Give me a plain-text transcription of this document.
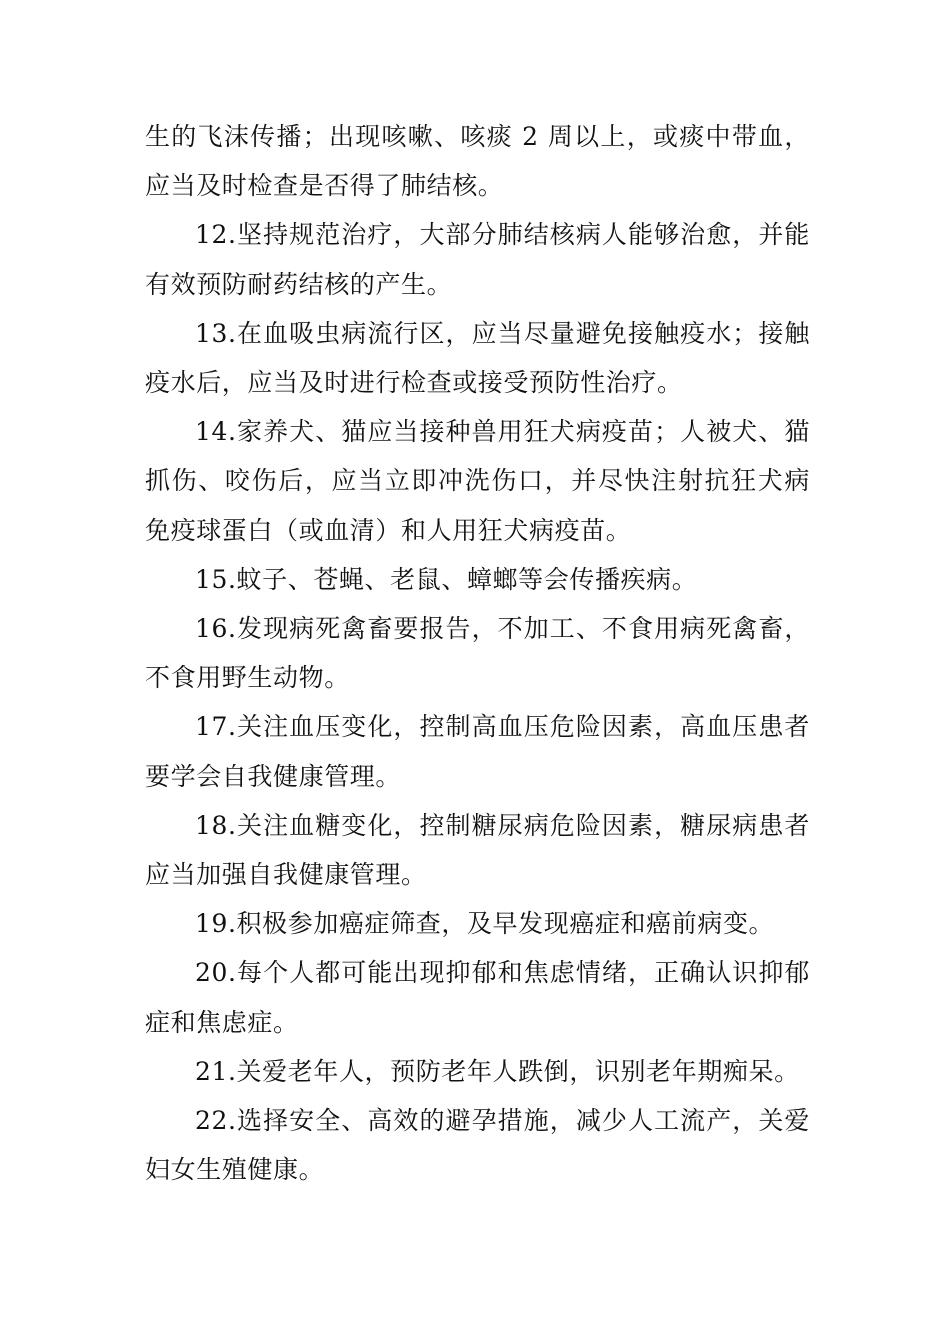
生的飞沫传播；出现咳嗽、咳痰 2 周以上，或痰中带血，应当及时检查是否得了肺结核。

12.坚持规范治疗，大部分肺结核病人能够治愈，并能有效预防耐药结核的产生。

13.在血吸虫病流行区，应当尽量避免接触疫水；接触疫水后，应当及时进行检查或接受预防性治疗。

14.家养犬、猫应当接种兽用狂犬病疫苗；人被犬、猫抓伤、咬伤后，应当立即冲洗伤口，并尽快注射抗狂犬病免疫球蛋白（或血清）和人用狂犬病疫苗。

15.蚊子、苍蝇、老鼠、蟑螂等会传播疾病。

16.发现病死禽畜要报告，不加工、不食用病死禽畜，不食用野生动物。

17.关注血压变化，控制高血压危险因素，高血压患者要学会自我健康管理。

18.关注血糖变化，控制糖尿病危险因素，糖尿病患者应当加强自我健康管理。

19.积极参加癌症筛查，及早发现癌症和癌前病变。

20.每个人都可能出现抑郁和焦虑情绪，正确认识抑郁症和焦虑症。

21.关爱老年人，预防老年人跌倒，识别老年期痴呆。

22.选择安全、高效的避孕措施，减少人工流产，关爱妇女生殖健康。
